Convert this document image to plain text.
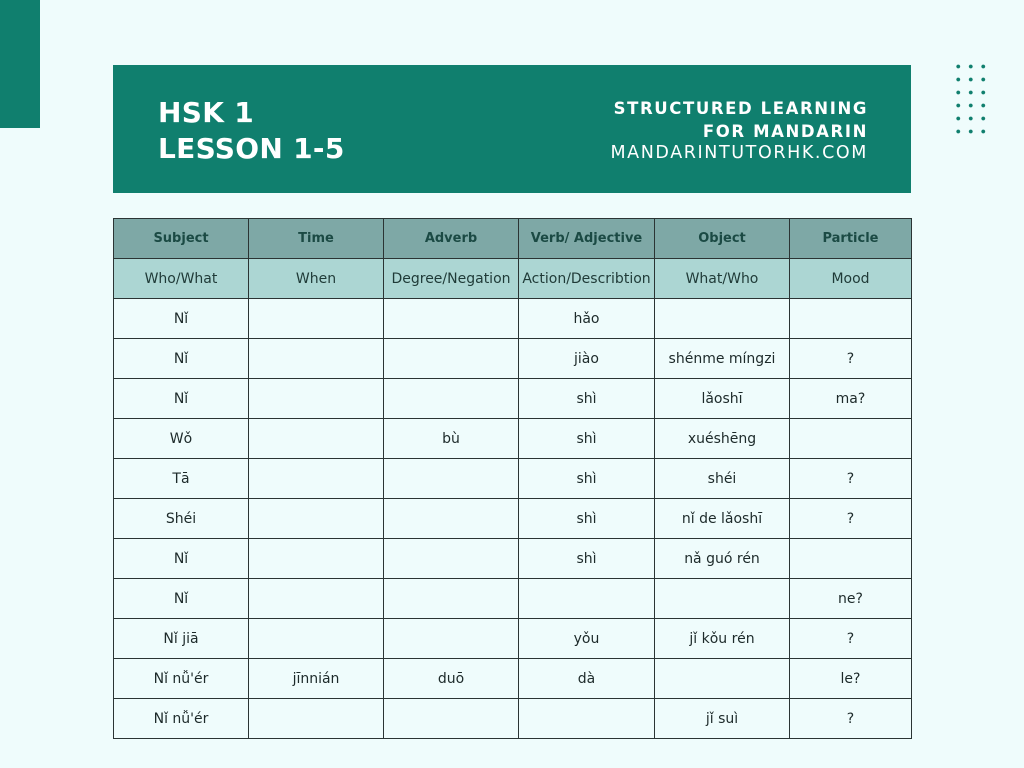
HSK 1
LESSON 1-5
STRUCTURED LEARNING
FOR MANDARIN
MANDARINTUTORHK.COM
Subject	Time	Adverb	Verb/ Adjective	Object	Particle
Who/What	When	Degree/Negation	Action/Describtion	What/Who	Mood
Nǐ			hǎo		
Nǐ			jiào	shénme míngzi	?
Nǐ			shì	lǎoshī	ma?
Wǒ		bù	shì	xuéshēng	
Tā			shì	shéi	?
Shéi			shì	nǐ de lǎoshī	?
Nǐ			shì	nǎ guó rén	
Nǐ					ne?
Nǐ jiā			yǒu	jǐ kǒu rén	?
Nǐ nǚ'ér	jīnnián	duō	dà		le?
Nǐ nǚ'ér				jǐ suì	?
